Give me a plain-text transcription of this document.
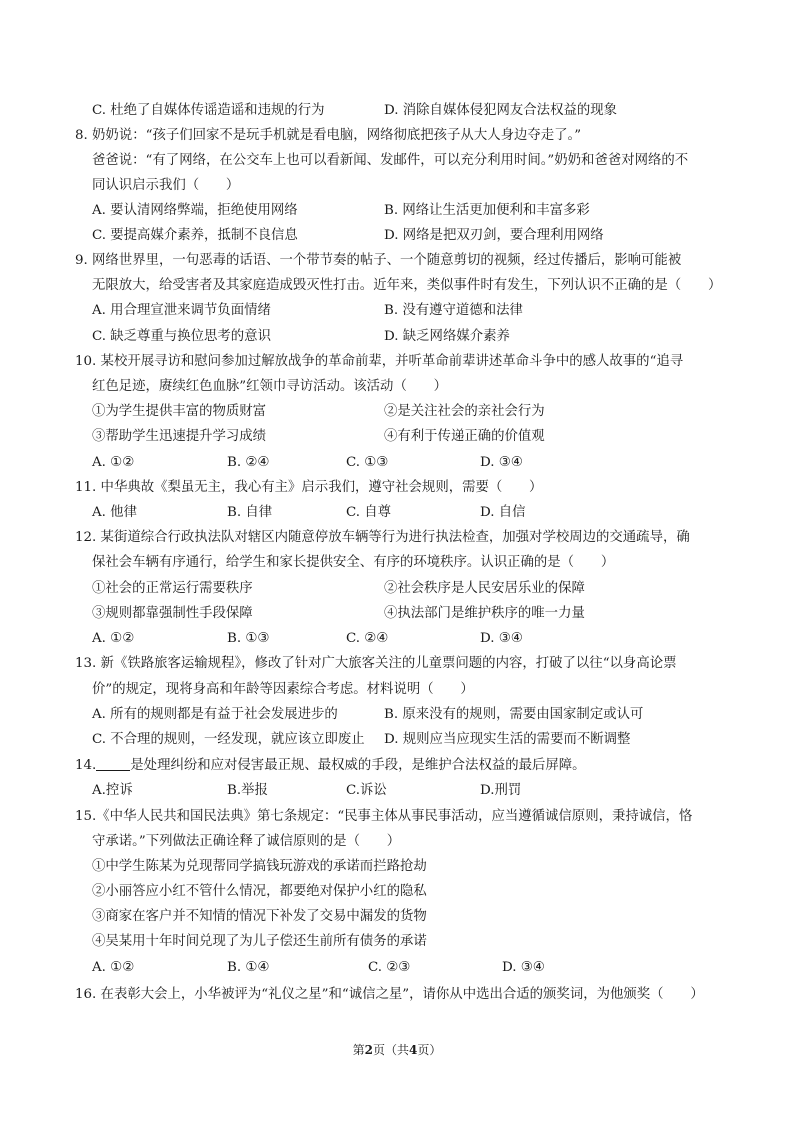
C. 杜绝了自媒体传谣造谣和违规的行为	D. 消除自媒体侵犯网友合法权益的现象
8. 奶奶说：“孩子们回家不是玩手机就是看电脑，网络彻底把孩子从大人身边夺走了。”
爸爸说：“有了网络，在公交车上也可以看新闻、发邮件，可以充分利用时间。”奶奶和爸爸对网络的不
同认识启示我们（　　）
A. 要认清网络弊端，拒绝使用网络	B. 网络让生活更加便利和丰富多彩
C. 要提高媒介素养，抵制不良信息	D. 网络是把双刃剑，要合理利用网络
9. 网络世界里，一句恶毒的话语、一个带节奏的帖子、一个随意剪切的视频，经过传播后，影响可能被
无限放大，给受害者及其家庭造成毁灭性打击。近年来，类似事件时有发生，下列认识不正确的是（　　）
A. 用合理宣泄来调节负面情绪	B. 没有遵守道德和法律
C. 缺乏尊重与换位思考的意识	D. 缺乏网络媒介素养
10. 某校开展寻访和慰问参加过解放战争的革命前辈，并听革命前辈讲述革命斗争中的感人故事的“追寻
红色足迹，赓续红色血脉”红领巾寻访活动。该活动（　　）
①为学生提供丰富的物质财富	②是关注社会的亲社会行为
③帮助学生迅速提升学习成绩	④有利于传递正确的价值观
A. ①②	B. ②④	C. ①③	D. ③④
11. 中华典故《梨虽无主，我心有主》启示我们，遵守社会规则，需要（　　）
A. 他律	B. 自律	C. 自尊	D. 自信
12. 某街道综合行政执法队对辖区内随意停放车辆等行为进行执法检查，加强对学校周边的交通疏导，确
保社会车辆有序通行，给学生和家长提供安全、有序的环境秩序。认识正确的是（　　）
①社会的正常运行需要秩序	②社会秩序是人民安居乐业的保障
③规则都靠强制性手段保障	④执法部门是维护秩序的唯一力量
A. ①②	B. ①③	C. ②④	D. ③④
13. 新《铁路旅客运输规程》，修改了针对广大旅客关注的儿童票问题的内容，打破了以往“以身高论票
价”的规定，现将身高和年龄等因素综合考虑。材料说明（　　）
A. 所有的规则都是有益于社会发展进步的	B. 原来没有的规则，需要由国家制定或认可
C. 不合理的规则，一经发现，就应该立即废止 D. 规则应当应现实生活的需要而不断调整
14.	是处理纠纷和应对侵害最正规、最权威的手段，是维护合法权益的最后屏障。
A.控诉	B.举报	C.诉讼	D.刑罚
15.《中华人民共和国民法典》第七条规定：“民事主体从事民事活动，应当遵循诚信原则，秉持诚信，恪
守承诺。”下列做法正确诠释了诚信原则的是（　　）
①中学生陈某为兑现帮同学搞钱玩游戏的承诺而拦路抢劫
②小丽答应小红不管什么情况，都要绝对保护小红的隐私
③商家在客户并不知情的情况下补发了交易中漏发的货物
④吴某用十年时间兑现了为儿子偿还生前所有债务的承诺
A. ①②	B. ①④	C. ②③	D. ③④
16. 在表彰大会上，小华被评为“礼仪之星”和“诚信之星”，请你从中选出合适的颁奖词，为他颁奖（　　）
第2页（共4页）
